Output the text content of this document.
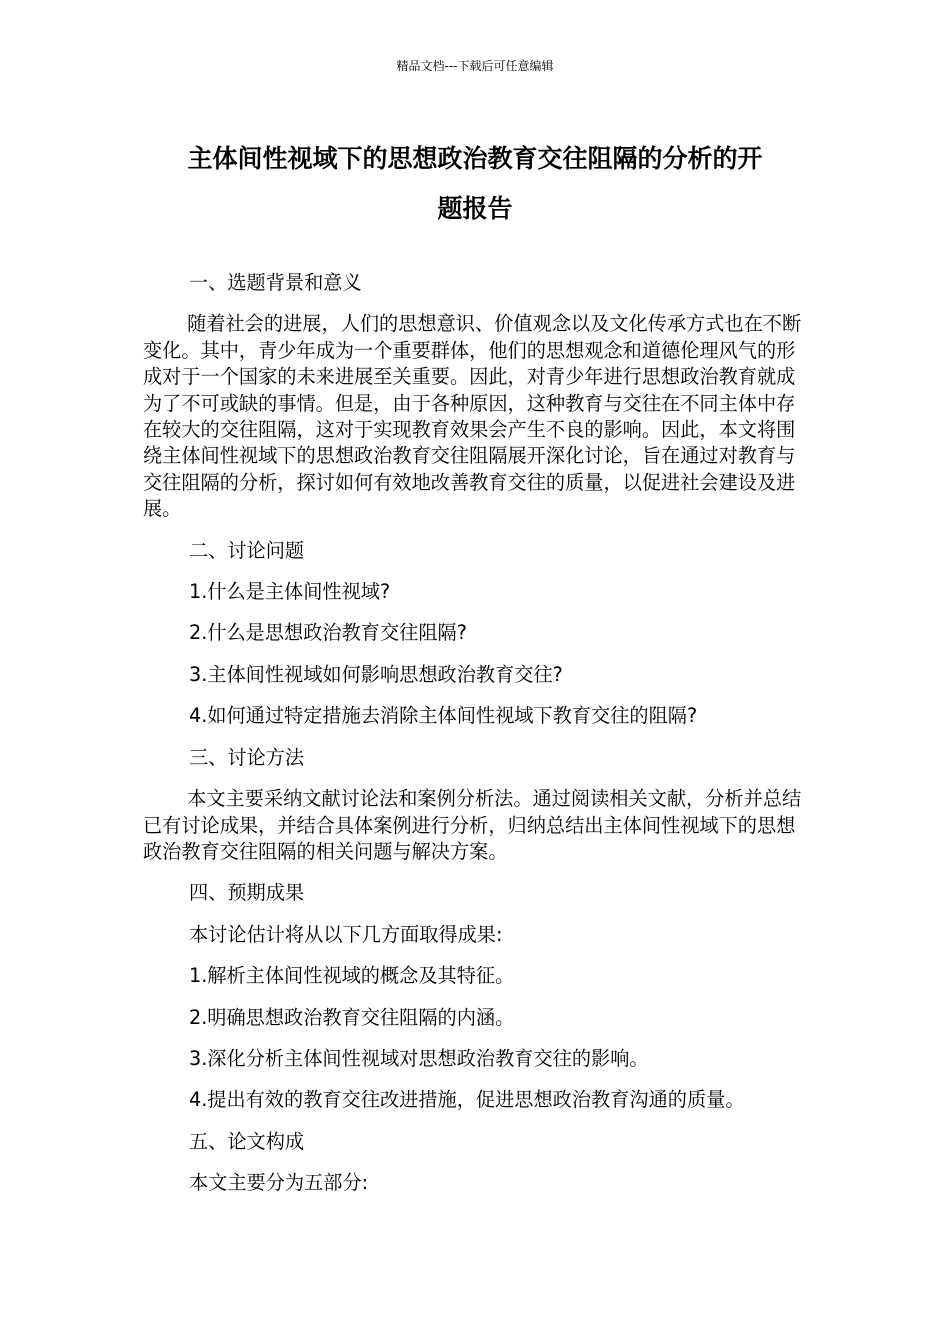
精品文档---下载后可任意编辑
主体间性视域下的思想政治教育交往阻隔的分析的开
题报告

一、选题背景和意义

随着社会的进展，人们的思想意识、价值观念以及文化传承方式也在不断变化。其中，青少年成为一个重要群体，他们的思想观念和道德伦理风气的形成对于一个国家的未来进展至关重要。因此，对青少年进行思想政治教育就成为了不可或缺的事情。但是，由于各种原因，这种教育与交往在不同主体中存在较大的交往阻隔，这对于实现教育效果会产生不良的影响。因此，本文将围绕主体间性视域下的思想政治教育交往阻隔展开深化讨论，旨在通过对教育与交往阻隔的分析，探讨如何有效地改善教育交往的质量，以促进社会建设及进展。

二、讨论问题

1.什么是主体间性视域?

2.什么是思想政治教育交往阻隔?

3.主体间性视域如何影响思想政治教育交往?

4.如何通过特定措施去消除主体间性视域下教育交往的阻隔?

三、讨论方法

本文主要采纳文献讨论法和案例分析法。通过阅读相关文献，分析并总结已有讨论成果，并结合具体案例进行分析，归纳总结出主体间性视域下的思想政治教育交往阻隔的相关问题与解决方案。

四、预期成果

本讨论估计将从以下几方面取得成果:

1.解析主体间性视域的概念及其特征。

2.明确思想政治教育交往阻隔的内涵。

3.深化分析主体间性视域对思想政治教育交往的影响。

4.提出有效的教育交往改进措施，促进思想政治教育沟通的质量。

五、论文构成

本文主要分为五部分:
